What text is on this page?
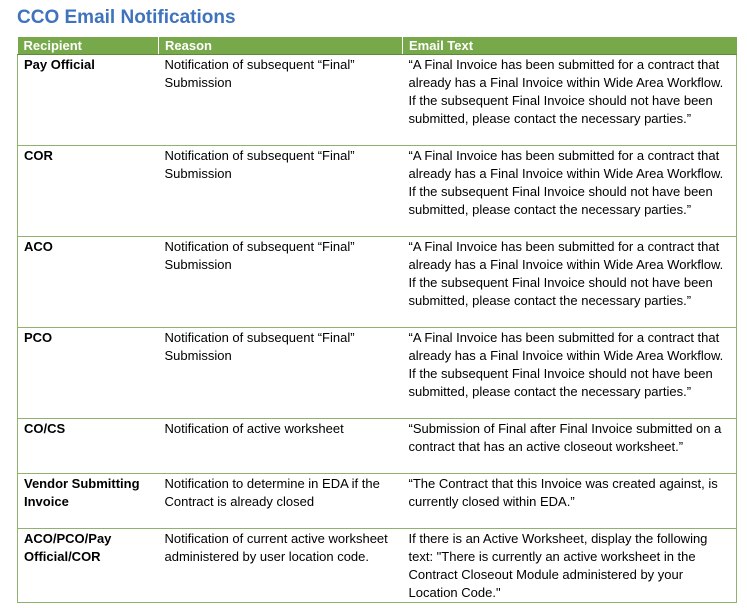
CCO Email Notifications
Recipient	Reason	Email Text
Pay Official	Notification of subsequent “Final” Submission	“A Final Invoice has been submitted for a contract that already has a Final Invoice within Wide Area Workflow. If the subsequent Final Invoice should not have been submitted, please contact the necessary parties.”
COR	Notification of subsequent “Final” Submission	“A Final Invoice has been submitted for a contract that already has a Final Invoice within Wide Area Workflow. If the subsequent Final Invoice should not have been submitted, please contact the necessary parties.”
ACO	Notification of subsequent “Final” Submission	“A Final Invoice has been submitted for a contract that already has a Final Invoice within Wide Area Workflow. If the subsequent Final Invoice should not have been submitted, please contact the necessary parties.”
PCO	Notification of subsequent “Final” Submission	“A Final Invoice has been submitted for a contract that already has a Final Invoice within Wide Area Workflow. If the subsequent Final Invoice should not have been submitted, please contact the necessary parties.”
CO/CS	Notification of active worksheet	“Submission of Final after Final Invoice submitted on a contract that has an active closeout worksheet.”
Vendor Submitting Invoice	Notification to determine in EDA if the Contract is already closed	“The Contract that this Invoice was created against, is currently closed within EDA.”
ACO/PCO/Pay Official/COR	Notification of current active worksheet administered by user location code.	If there is an Active Worksheet, display the following text: "There is currently an active worksheet in the Contract Closeout Module administered by your Location Code."
